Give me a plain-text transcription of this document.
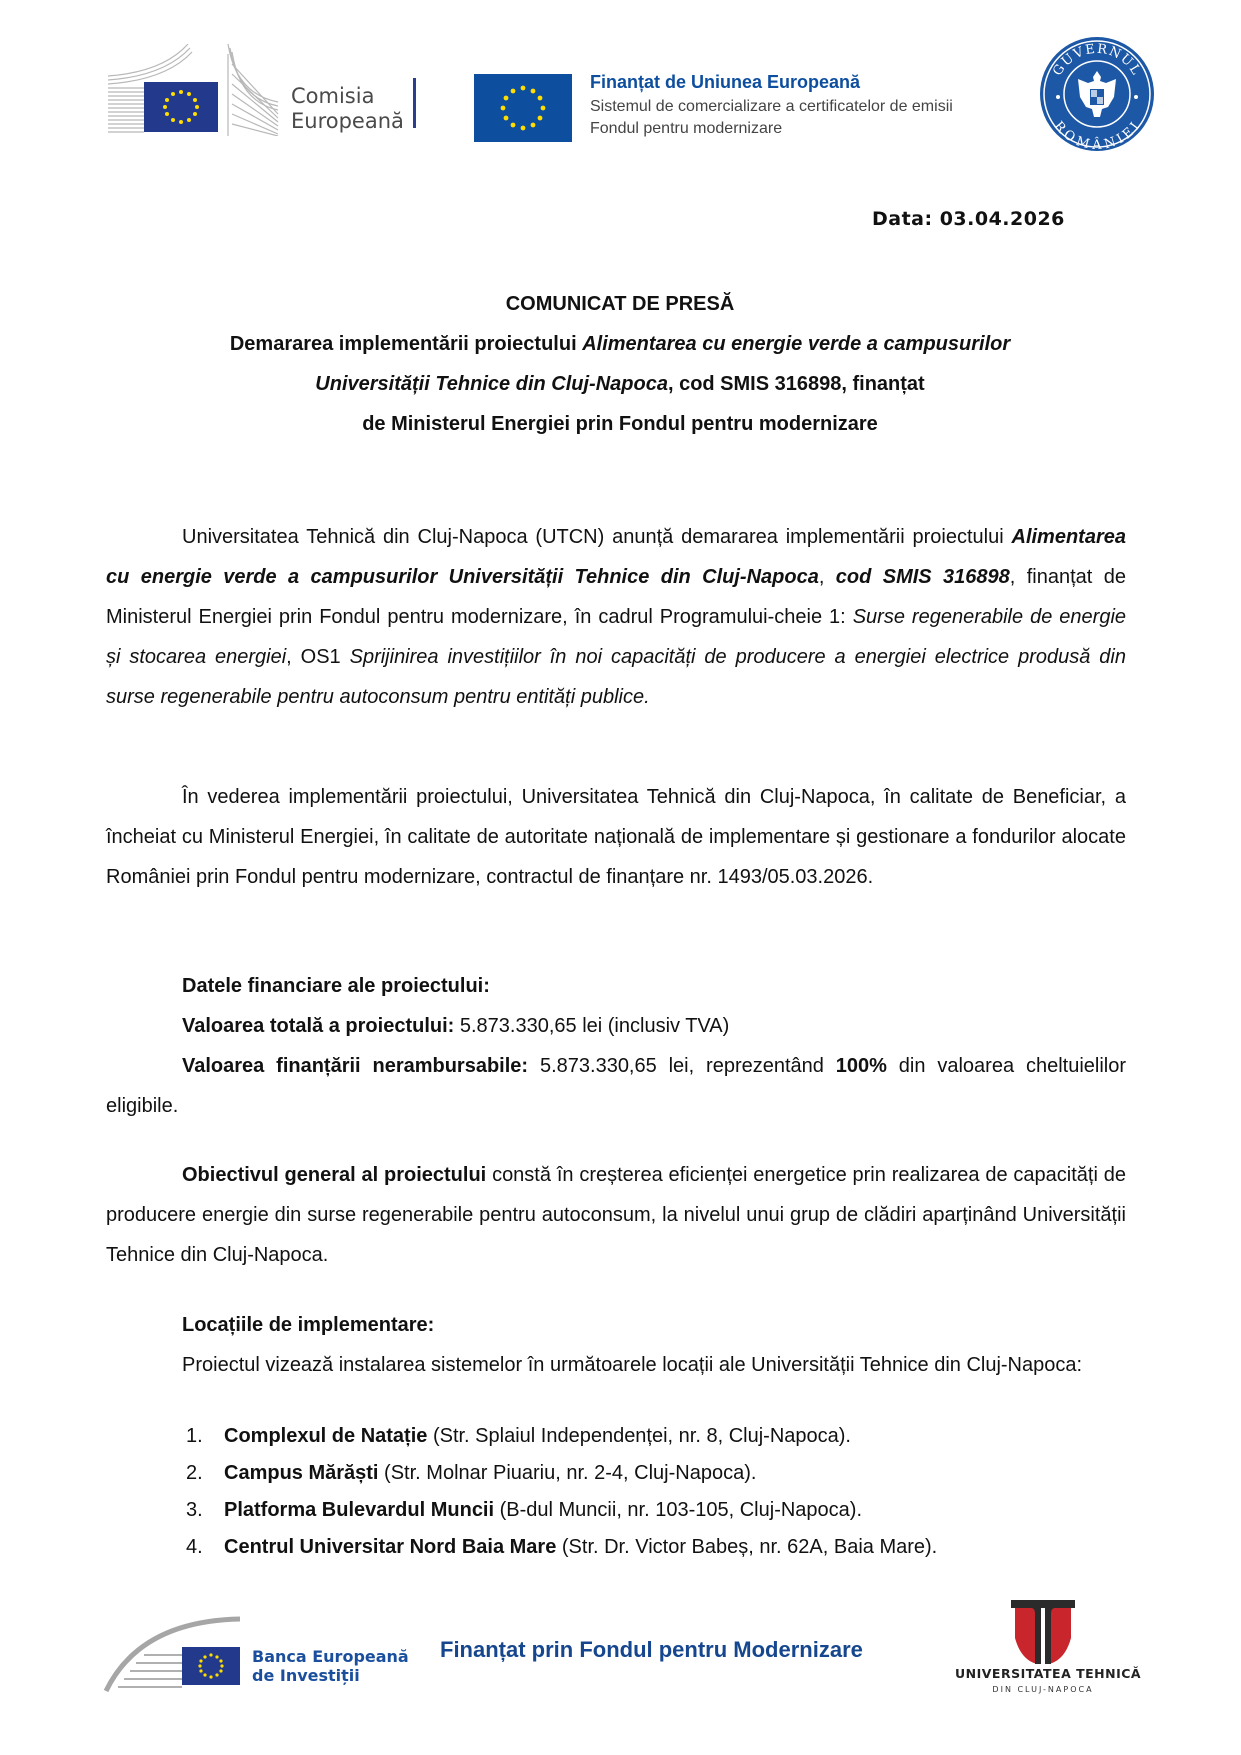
Comisia
Europeană
Finanțat de Uniunea Europeană
Sistemul de comercializare a certificatelor de emisii
Fondul pentru modernizare
GUVERNUL
ROMÂNIEI
Data: 03.04.2026
COMUNICAT DE PRESĂ
Demararea implementării proiectului Alimentarea cu energie verde a campusurilor
Universității Tehnice din Cluj-Napoca, cod SMIS 316898, finanțat
de Ministerul Energiei prin Fondul pentru modernizare
Universitatea Tehnică din Cluj-Napoca (UTCN) anunță demararea implementării proiectului Alimentarea cu energie verde a campusurilor Universității Tehnice din Cluj-Napoca, cod SMIS 316898, finanțat de Ministerul Energiei prin Fondul pentru modernizare, în cadrul Programului-cheie 1: Surse regenerabile de energie și stocarea energiei, OS1 Sprijinirea investițiilor în noi capacități de producere a energiei electrice produsă din surse regenerabile pentru autoconsum pentru entități publice.
În vederea implementării proiectului, Universitatea Tehnică din Cluj-Napoca, în calitate de Beneficiar, a încheiat cu Ministerul Energiei, în calitate de autoritate națională de implementare și gestionare a fondurilor alocate României prin Fondul pentru modernizare, contractul de finanțare nr. 1493/05.03.2026.

Datele financiare ale proiectului:

Valoarea totală a proiectului: 5.873.330,65 lei (inclusiv TVA)

Valoarea finanțării nerambursabile: 5.873.330,65 lei, reprezentând 100% din valoarea cheltuielilor eligibile.

Obiectivul general al proiectului constă în creșterea eficienței energetice prin realizarea de capacități de producere energie din surse regenerabile pentru autoconsum, la nivelul unui grup de clădiri aparținând Universității Tehnice din Cluj-Napoca.

Locațiile de implementare:

Proiectul vizează instalarea sistemelor în următoarele locații ale Universității Tehnice din Cluj-Napoca:

1.	Complexul de Natație (Str. Splaiul Independenței, nr. 8, Cluj-Napoca).
2.	Campus Mărăști (Str. Molnar Piuariu, nr. 2-4, Cluj-Napoca).
3.	Platforma Bulevardul Muncii (B-dul Muncii, nr. 103-105, Cluj-Napoca).
4.	Centrul Universitar Nord Baia Mare (Str. Dr. Victor Babeș, nr. 62A, Baia Mare).
Banca Europeană
de Investiții
Finanțat prin Fondul pentru Modernizare
UNIVERSITATEA TEHNICĂ
DIN CLUJ-NAPOCA
